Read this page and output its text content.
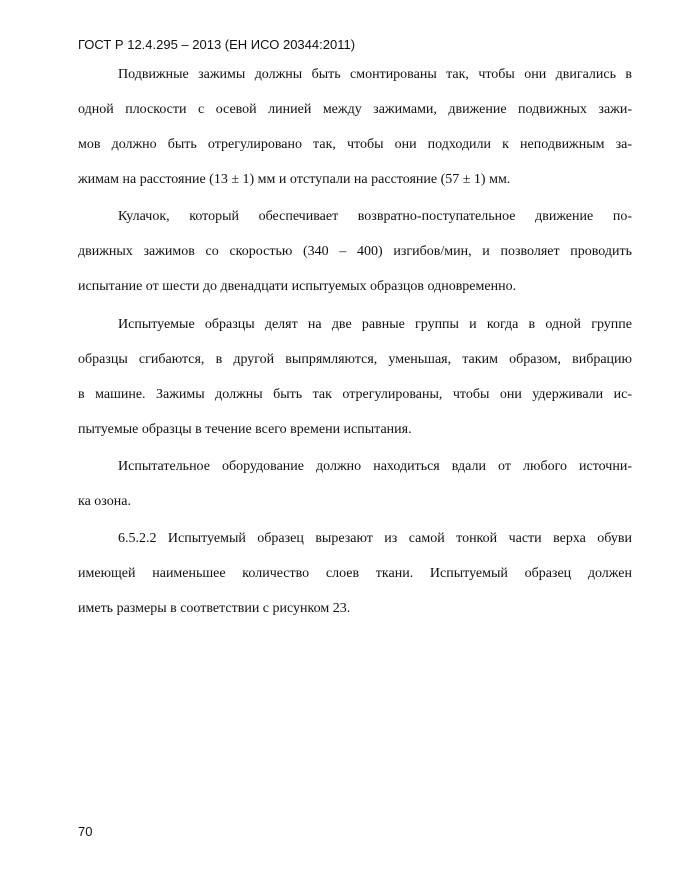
ГОСТ Р 12.4.295 – 2013 (ЕН ИСО 20344:2011)
Подвижные зажимы должны быть смонтированы так, чтобы они двигались в
одной плоскости с осевой линией между зажимами, движение подвижных зажи-
мов должно быть отрегулировано так, чтобы они подходили к неподвижным за-
жимам на расстояние (13 ± 1) мм и отступали на расстояние (57 ± 1) мм.
Кулачок, который обеспечивает возвратно-поступательное движение по-
движных зажимов со скоростью (340 – 400) изгибов/мин, и позволяет проводить
испытание от шести до двенадцати испытуемых образцов одновременно.
Испытуемые образцы делят на две равные группы и когда в одной группе
образцы сгибаются, в другой выпрямляются, уменьшая, таким образом, вибрацию
в машине. Зажимы должны быть так отрегулированы, чтобы они удерживали ис-
пытуемые образцы в течение всего времени испытания.
Испытательное оборудование должно находиться вдали от любого источни-
ка озона.
6.5.2.2 Испытуемый образец вырезают из самой тонкой части верха обуви
имеющей наименьшее количество слоев ткани. Испытуемый образец должен
иметь размеры в соответствии с рисунком 23.
70
